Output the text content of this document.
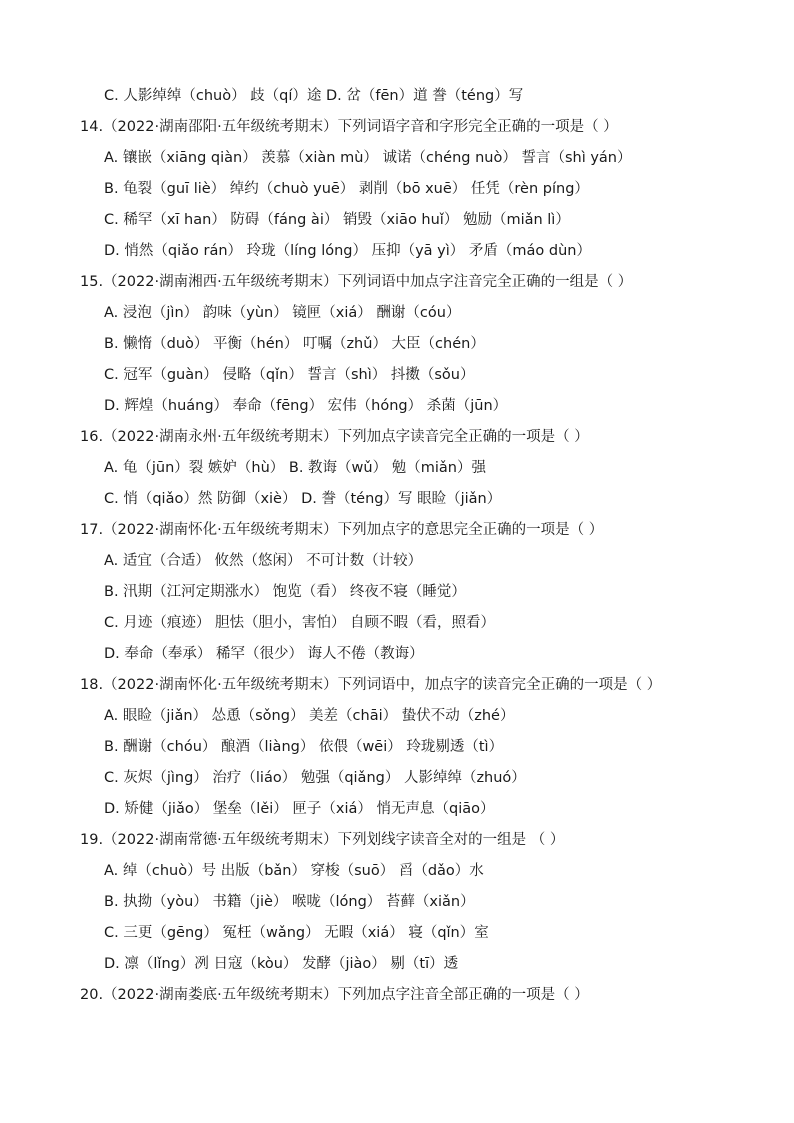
C. 人影绰绰（chuò） 歧（qí）途 D. 岔（fēn）道 誊（téng）写
14.（2022·湖南邵阳·五年级统考期末）下列词语字音和字形完全正确的一项是（ ）
A. 镶嵌（xiāng qiàn） 羡慕（xiàn mù） 诚诺（chéng nuò） 誓言（shì yán）
B. 龟裂（guī liè） 绰约（chuò yuē） 剥削（bō xuē） 任凭（rèn píng）
C. 稀罕（xī han） 防碍（fáng ài） 销毁（xiāo huǐ） 勉励（miǎn lì）
D. 悄然（qiǎo rán） 玲珑（líng lóng） 压抑（yā yì） 矛盾（máo dùn）
15.（2022·湖南湘西·五年级统考期末）下列词语中加点字注音完全正确的一组是（ ）
A. 浸泡（jìn） 韵味（yùn） 镜匣（xiá） 酬谢（cóu）
B. 懒惰（duò） 平衡（hén） 叮嘱（zhǔ） 大臣（chén）
C. 冠军（guàn） 侵略（qǐn） 誓言（shì） 抖擞（sǒu）
D. 辉煌（huáng） 奉命（fēng） 宏伟（hóng） 杀菌（jūn）
16.（2022·湖南永州·五年级统考期末）下列加点字读音完全正确的一项是（ ）
A. 龟（jūn）裂 嫉妒（hù） B. 教诲（wǔ） 勉（miǎn）强
C. 悄（qiǎo）然 防御（xiè） D. 誊（téng）写 眼睑（jiǎn）
17.（2022·湖南怀化·五年级统考期末）下列加点字的意思完全正确的一项是（ ）
A. 适宜（合适） 攸然（悠闲） 不可计数（计较）
B. 汛期（江河定期涨水） 饱览（看） 终夜不寝（睡觉）
C. 月迹（痕迹） 胆怯（胆小，害怕） 自顾不暇（看，照看）
D. 奉命（奉承） 稀罕（很少） 诲人不倦（教诲）
18.（2022·湖南怀化·五年级统考期末）下列词语中，加点字的读音完全正确的一项是（ ）
A. 眼睑（jiǎn） 怂恿（sǒng） 美差（chāi） 蛰伏不动（zhé）
B. 酬谢（chóu） 酿酒（liàng） 依偎（wēi） 玲珑剔透（tì）
C. 灰烬（jìng） 治疗（liáo） 勉强（qiǎng） 人影绰绰（zhuó）
D. 矫健（jiǎo） 堡垒（lěi） 匣子（xiá） 悄无声息（qiāo）
19.（2022·湖南常德·五年级统考期末）下列划线字读音全对的一组是 （ ）
A. 绰（chuò）号 出版（bǎn） 穿梭（suō） 舀（dǎo）水
B. 执拗（yòu） 书籍（jiè） 喉咙（lóng） 苔藓（xiǎn）
C. 三更（gēng） 冤枉（wǎng） 无暇（xiá） 寝（qǐn）室
D. 凛（lǐng）冽 日寇（kòu） 发酵（jiào） 剔（tī）透
20.（2022·湖南娄底·五年级统考期末）下列加点字注音全部正确的一项是（ ）
